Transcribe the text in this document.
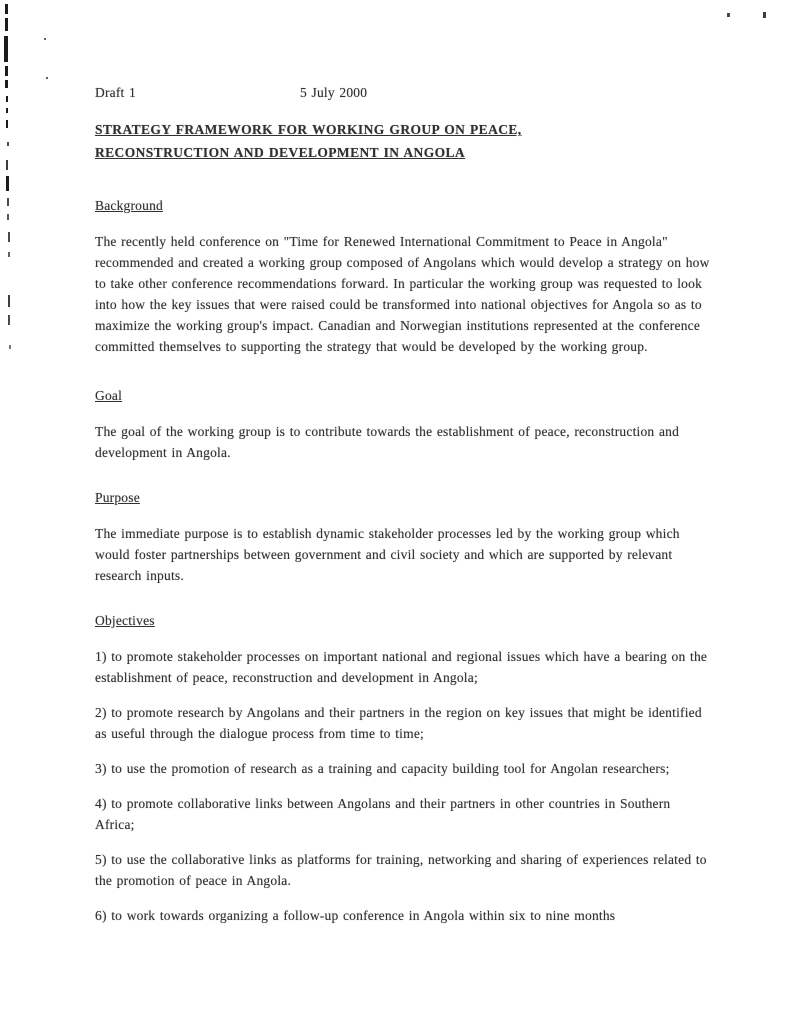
Draft 1	5 July 2000
STRATEGY FRAMEWORK FOR WORKING GROUP ON PEACE,
RECONSTRUCTION AND DEVELOPMENT IN ANGOLA
Background

The recently held conference on "Time for Renewed International Commitment to Peace in Angola" recommended and created a working group composed of Angolans which would develop a strategy on how to take other conference recommendations forward. In particular the working group was requested to look into how the key issues that were raised could be transformed into national objectives for Angola so as to maximize the working group's impact. Canadian and Norwegian institutions represented at the conference committed themselves to supporting the strategy that would be developed by the working group.

Goal

The goal of the working group is to contribute towards the establishment of peace, reconstruction and development in Angola.

Purpose

The immediate purpose is to establish dynamic stakeholder processes led by the working group which would foster partnerships between government and civil society and which are supported by relevant research inputs.

Objectives

1) to promote stakeholder processes on important national and regional issues which have a bearing on the establishment of peace, reconstruction and development in Angola;

2) to promote research by Angolans and their partners in the region on key issues that might be identified as useful through the dialogue process from time to time;

3) to use the promotion of research as a training and capacity building tool for Angolan researchers;

4) to promote collaborative links between Angolans and their partners in other countries in Southern Africa;

5) to use the collaborative links as platforms for training, networking and sharing of experiences related to the promotion of peace in Angola.

6) to work towards organizing a follow-up conference in Angola within six to nine months
